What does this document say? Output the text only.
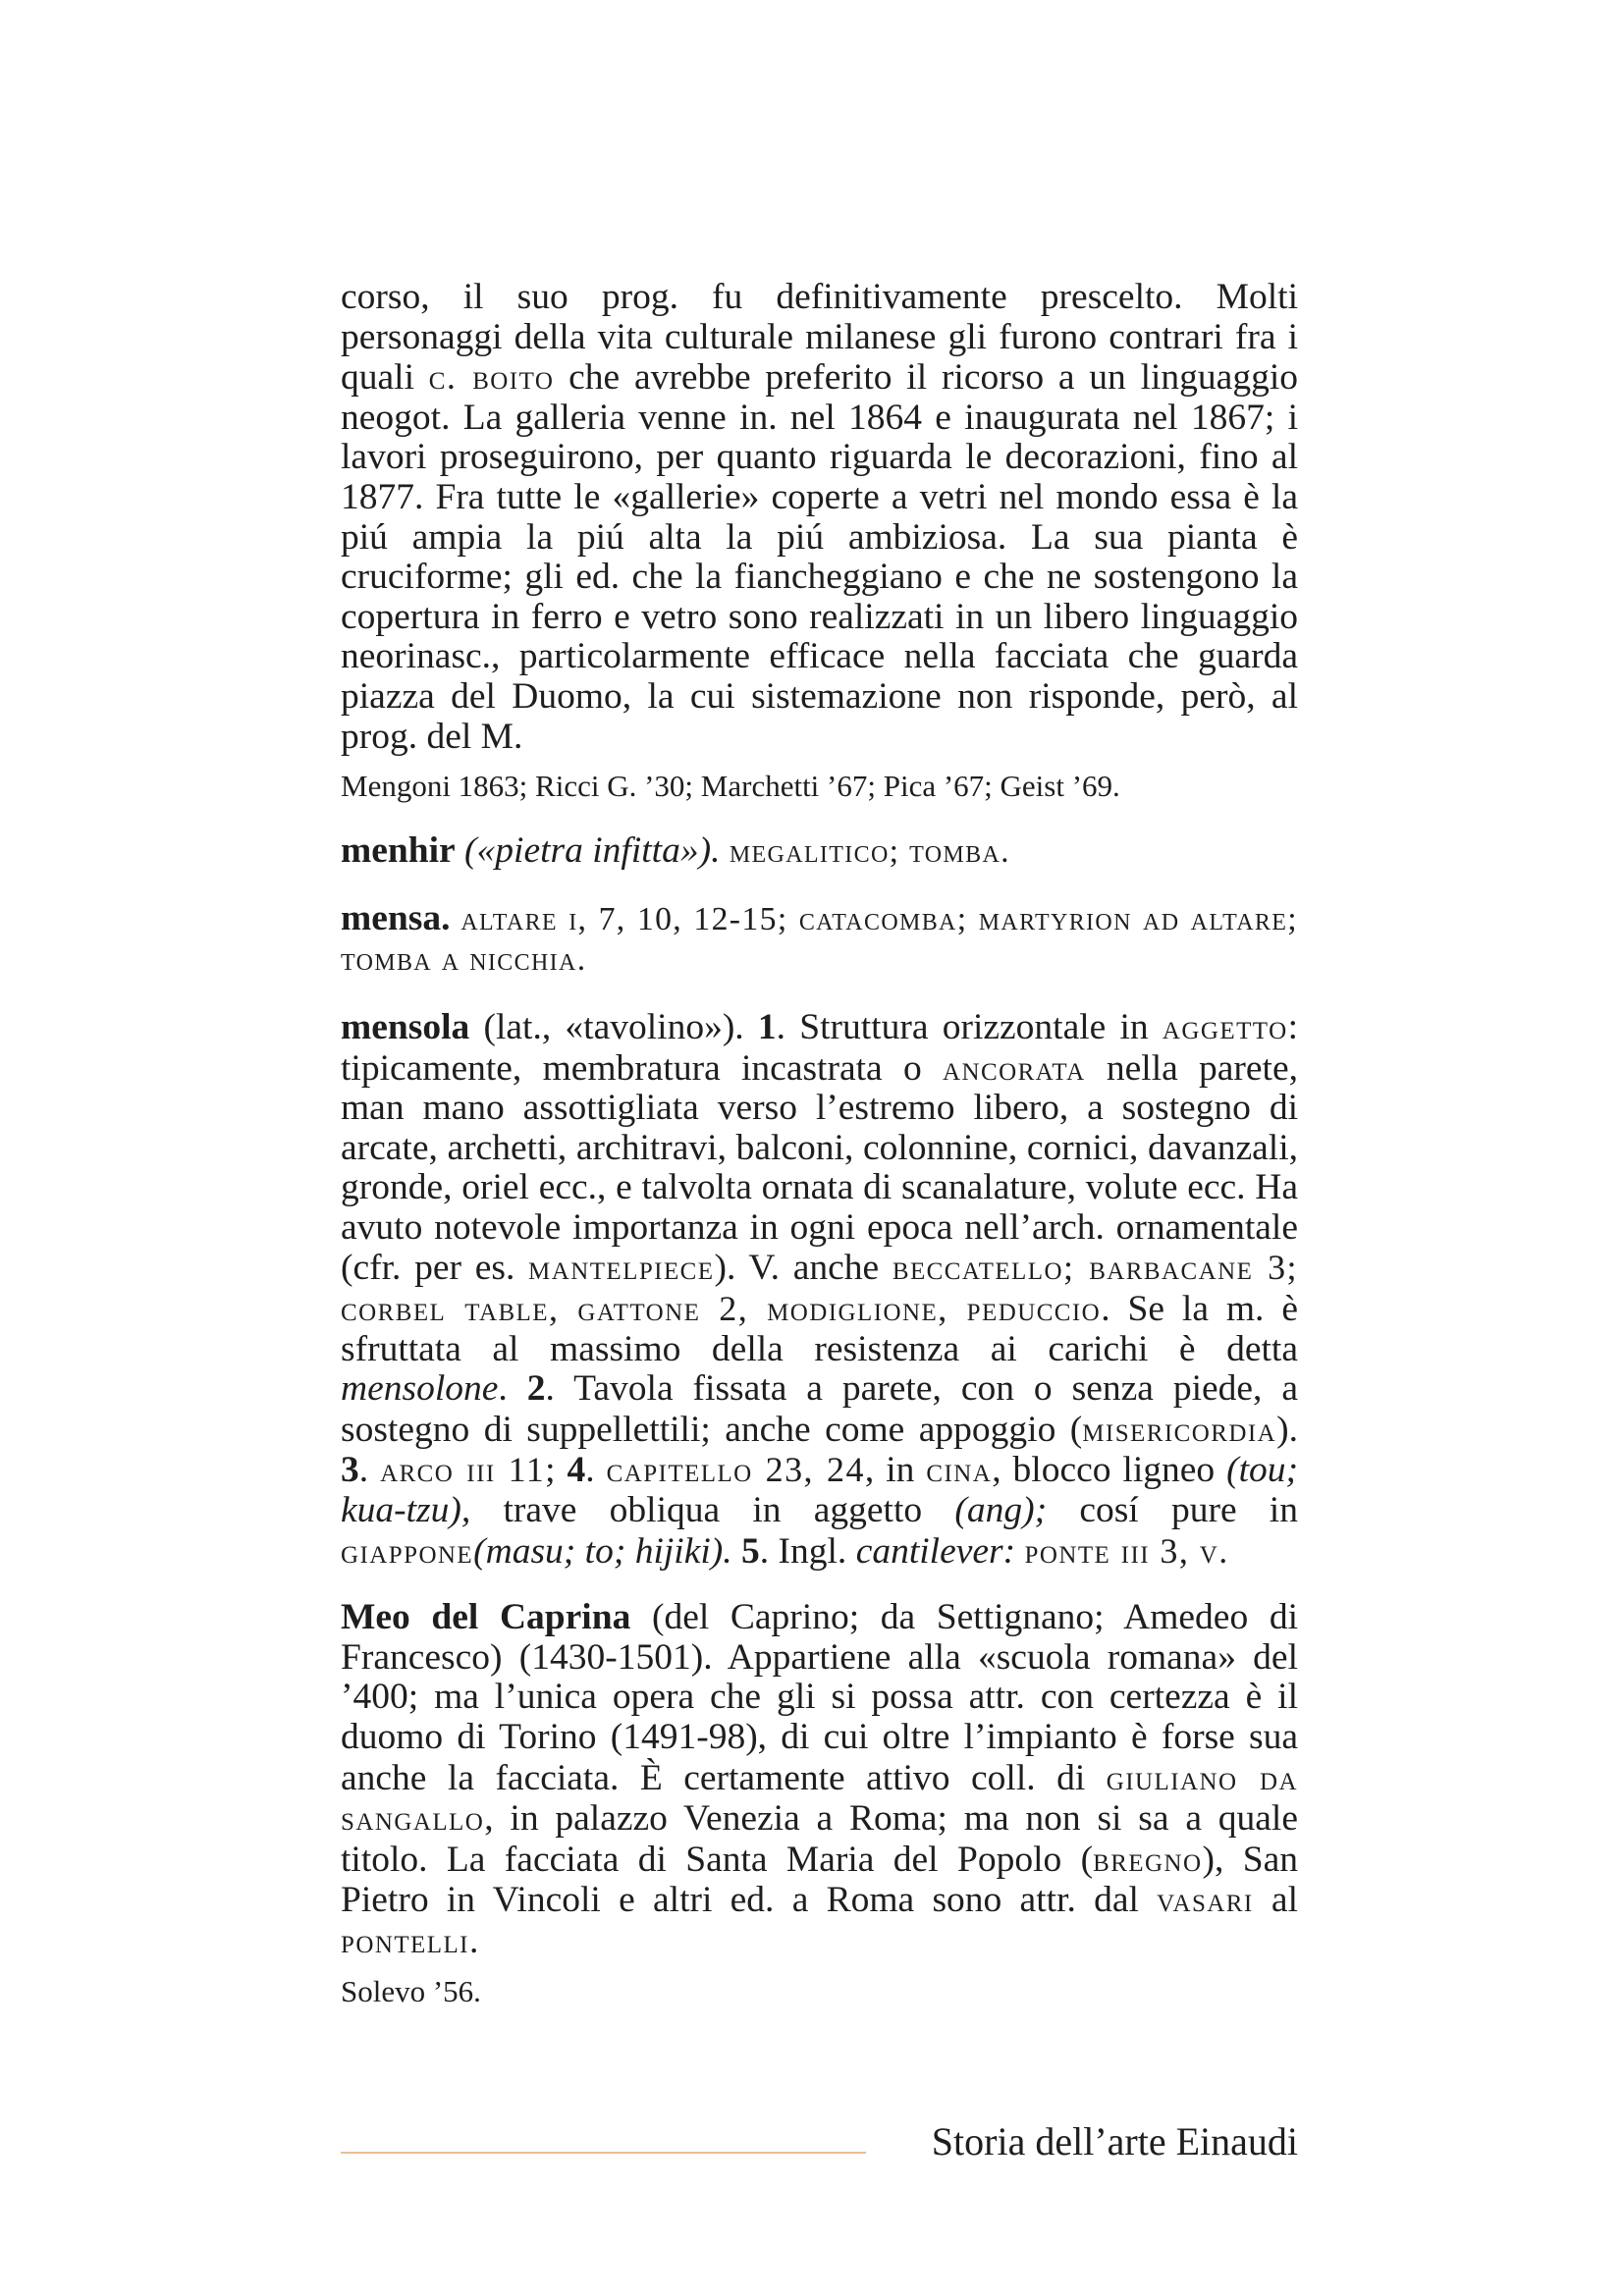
corso, il suo prog. fu definitivamente prescelto. Molti personaggi della vita culturale milanese gli furono contrari fra i quali c. boito che avrebbe preferito il ricorso a un linguaggio neogot. La galleria venne in. nel 1864 e inaugurata nel 1867; i lavori proseguirono, per quanto riguarda le decorazioni, fino al 1877. Fra tutte le «gallerie» coperte a vetri nel mondo essa è la piú ampia la piú alta la piú ambiziosa. La sua pianta è cruciforme; gli ed. che la fiancheggiano e che ne sostengono la copertura in ferro e vetro sono realizzati in un libero linguaggio neorinasc., particolarmente efficace nella facciata che guarda piazza del Duomo, la cui sistemazione non risponde, però, al prog. del M.

Mengoni 1863; Ricci G. ’30; Marchetti ’67; Pica ’67; Geist ’69.

menhir («pietra infitta»). megalitico; tomba.

mensa. altare i, 7, 10, 12-15; catacomba; martyrion ad altare; tomba a nicchia.

mensola (lat., «tavolino»). 1. Struttura orizzontale in aggetto: tipicamente, membratura incastrata o ancorata nella parete, man mano assottigliata verso l’estremo libero, a sostegno di arcate, archetti, architravi, balconi, colonnine, cornici, davanzali, gronde, oriel ecc., e talvolta ornata di scanalature, volute ecc. Ha avuto notevole importanza in ogni epoca nell’arch. ornamentale (cfr. per es. mantelpiece). V. anche beccatello; barbacane 3; corbel table, gattone 2, modiglione, peduccio. Se la m. è sfruttata al massimo della resistenza ai carichi è detta mensolone. 2. Tavola fissata a parete, con o senza piede, a sostegno di suppellettili; anche come appoggio (misericordia). 3. arco iii 11; 4. capitello 23, 24, in cina, blocco ligneo (tou; kua-tzu), trave obliqua in aggetto (ang); cosí pure in giappone(masu; to; hijiki). 5. Ingl. cantilever: ponte iii 3, v.

Meo del Caprina (del Caprino; da Settignano; Amedeo di Francesco) (1430-1501). Appartiene alla «scuola romana» del ’400; ma l’unica opera che gli si possa attr. con certezza è il duomo di Torino (1491-98), di cui oltre l’impianto è forse sua anche la facciata. È certamente attivo coll. di giuliano da sangallo, in palazzo Venezia a Roma; ma non si sa a quale titolo. La facciata di Santa Maria del Popolo (bregno), San Pietro in Vincoli e altri ed. a Roma sono attr. dal vasari al pontelli.

Solevo ’56.

Storia dell’arte Einaudi
